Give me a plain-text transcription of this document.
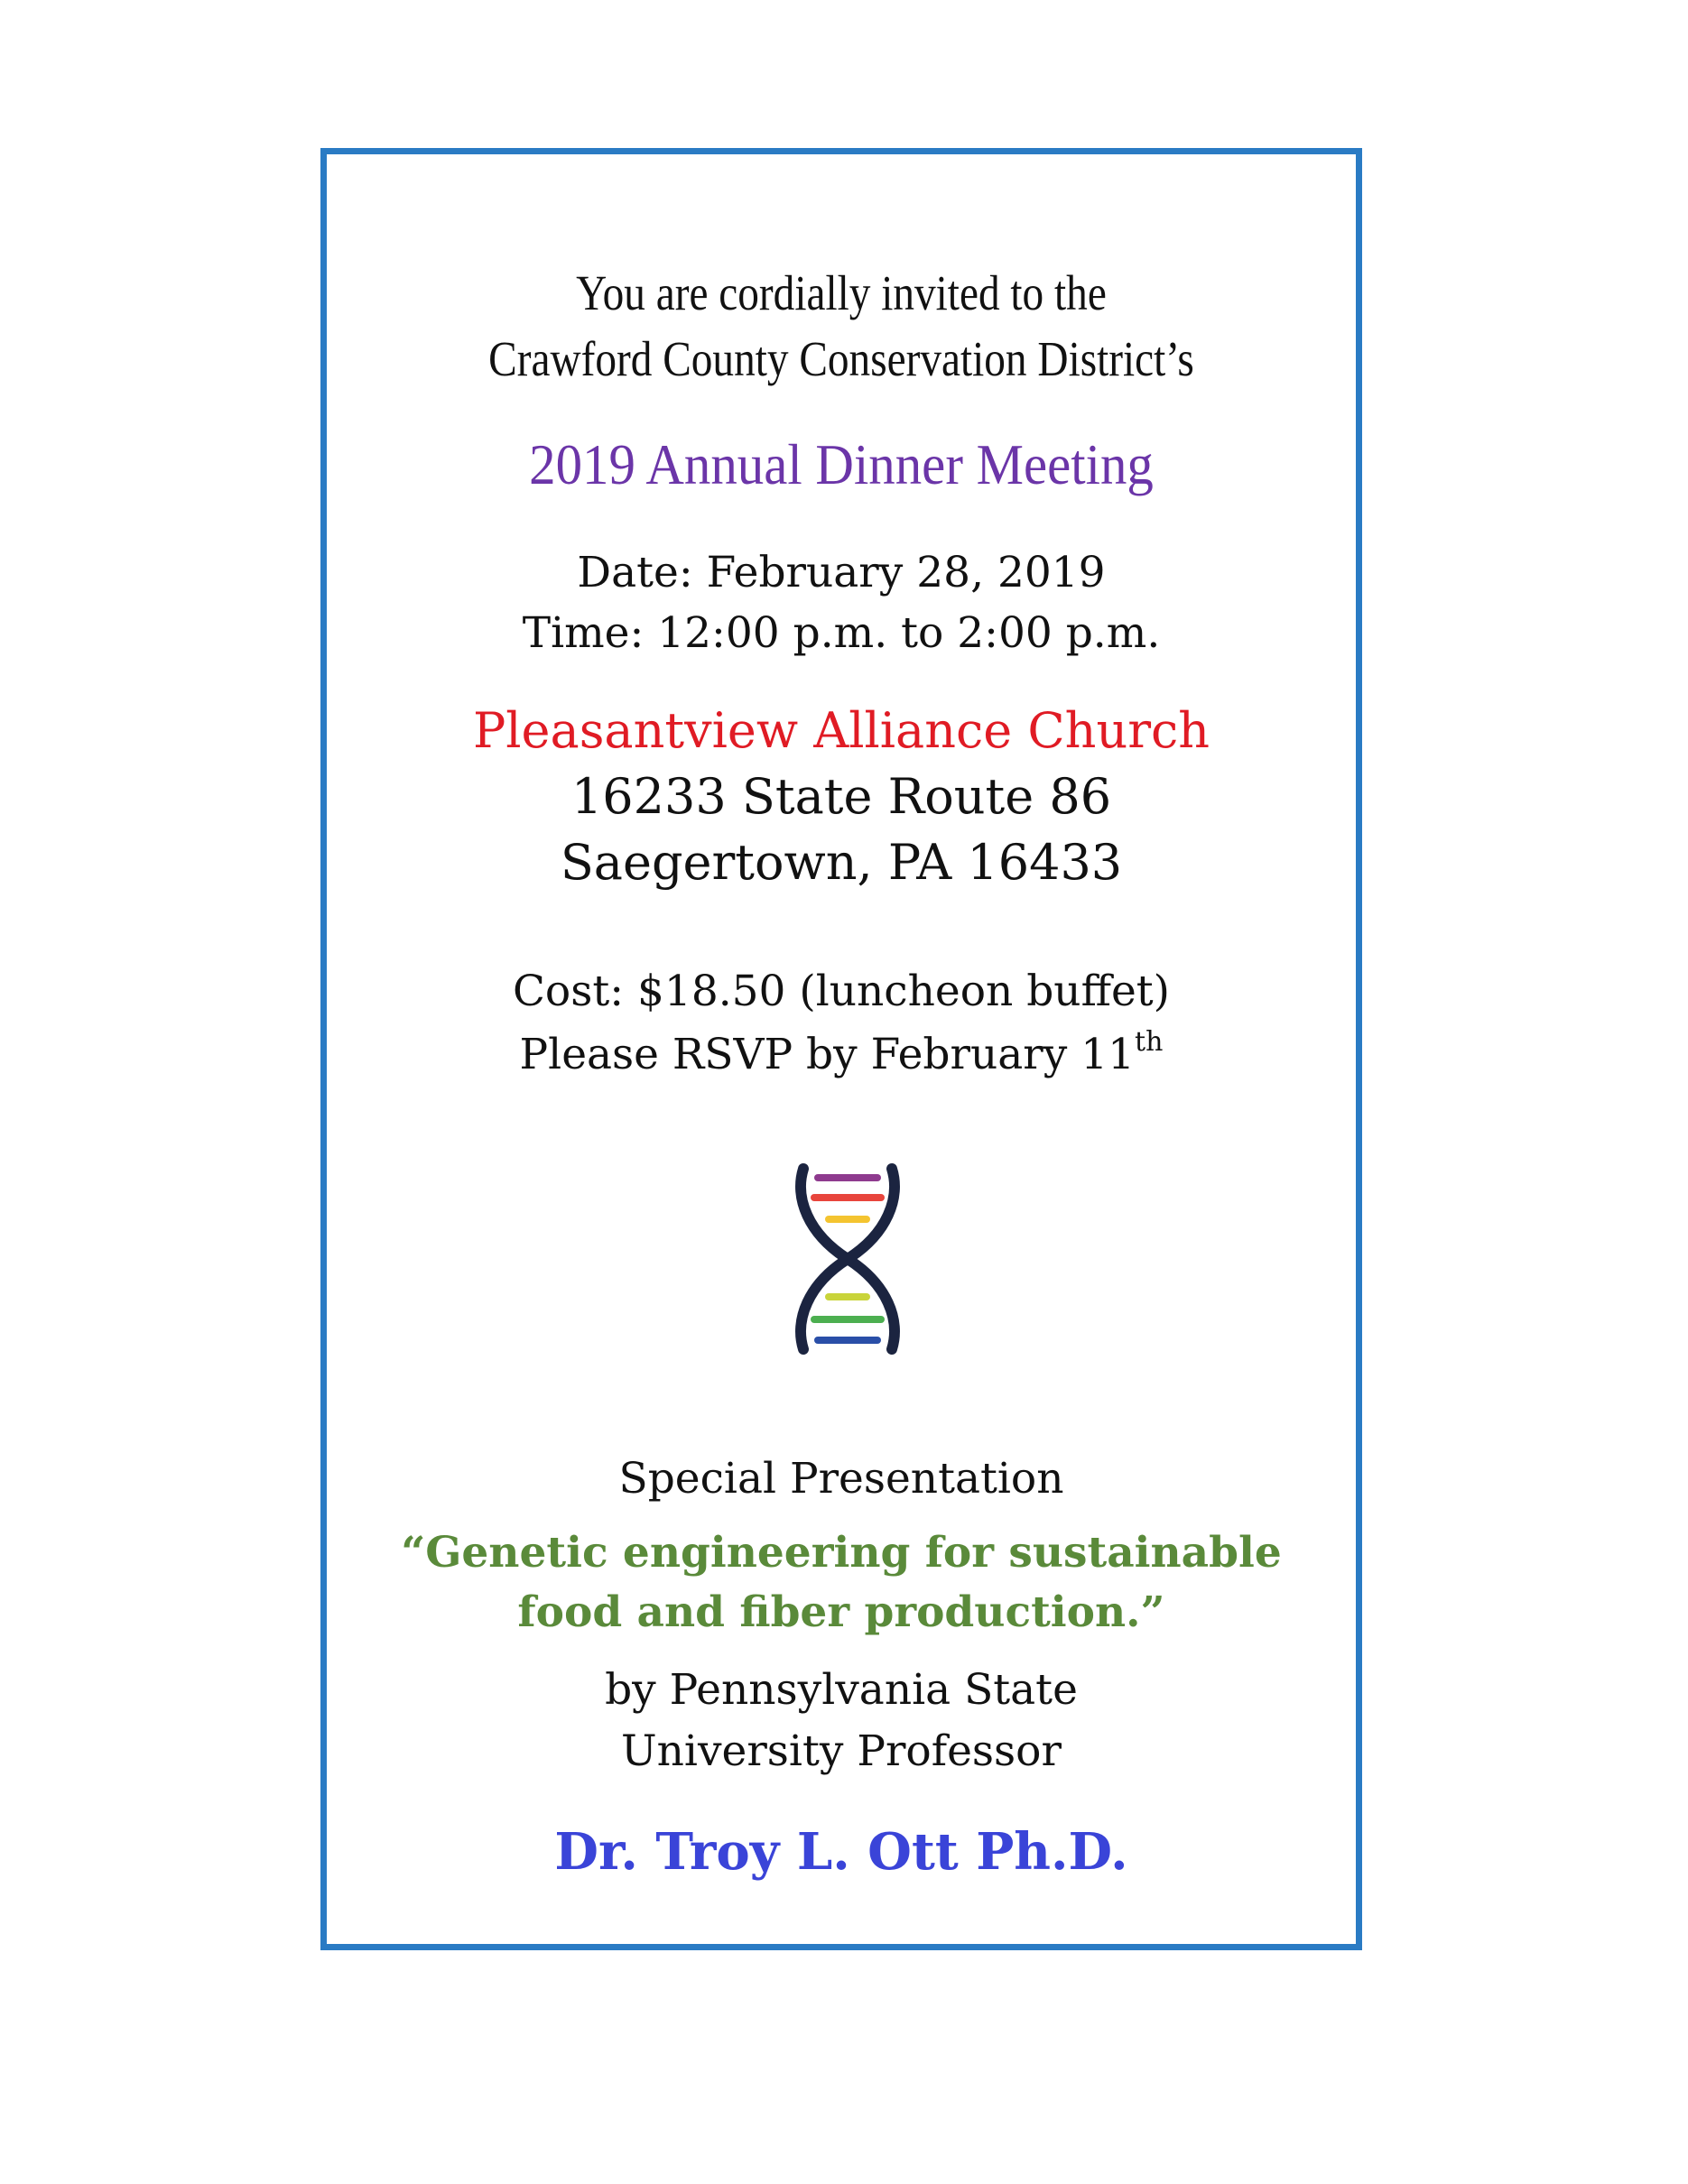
You are cordially invited to the
Crawford County Conservation District’s
2019 Annual Dinner Meeting
Date: February 28, 2019
Time: 12:00 p.m. to 2:00 p.m.
Pleasantview Alliance Church
16233 State Route 86
Saegertown, PA 16433
Cost: $18.50 (luncheon buffet)
Please RSVP by February 11th
Special Presentation
“Genetic engineering for sustainable
food and fiber production.”
by Pennsylvania State
University Professor
Dr. Troy L. Ott Ph.D.
